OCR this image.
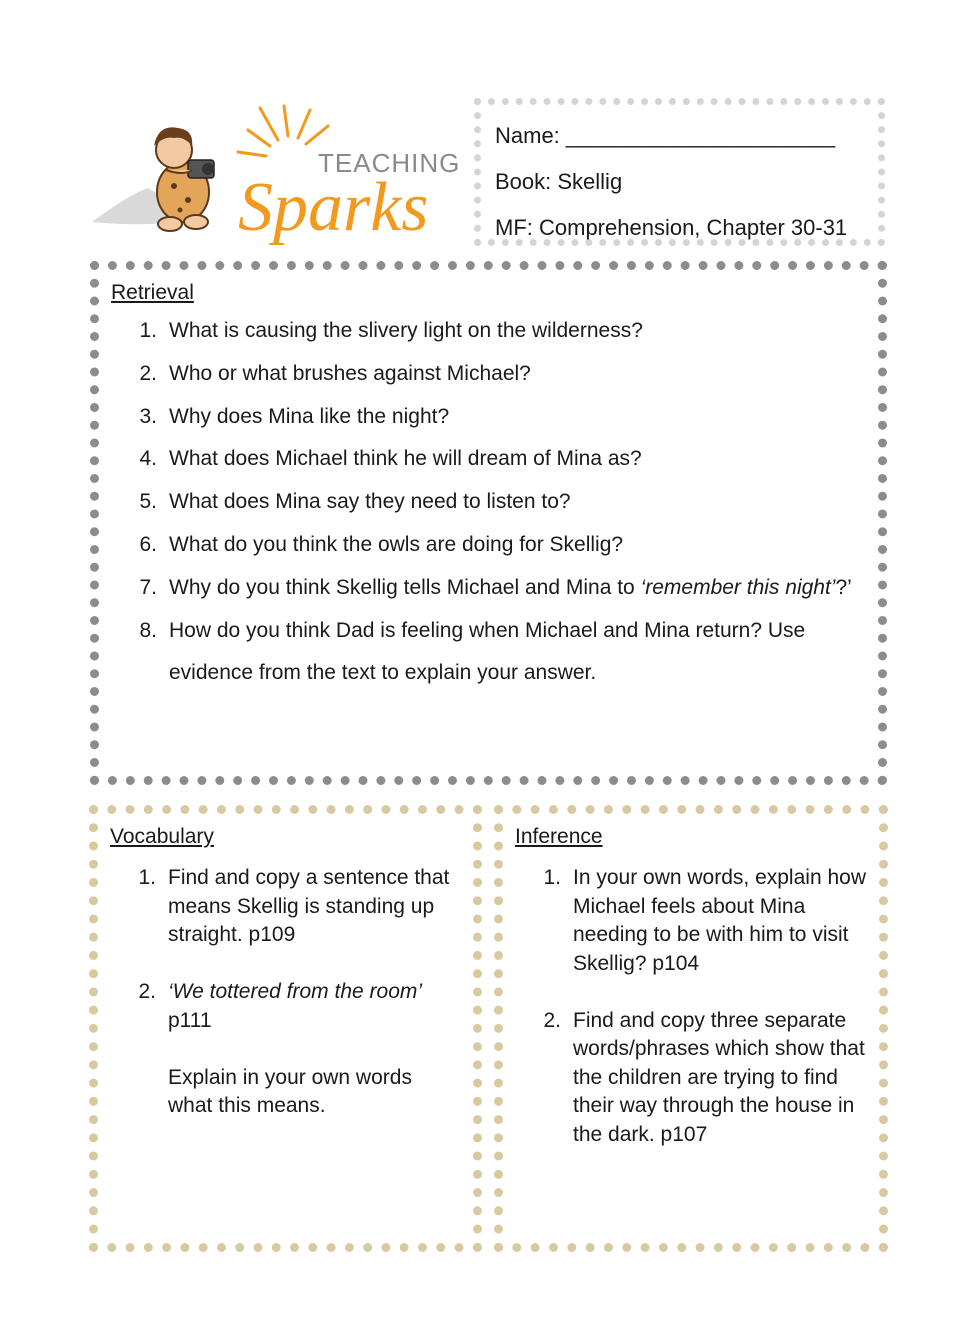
TEACHING
Sparks
Name: ______________________
Book: Skellig
MF: Comprehension, Chapter 30-31
Retrieval
1. What is causing the slivery light on the wilderness?
2. Who or what brushes against Michael?
3. Why does Mina like the night?
4. What does Michael think he will dream of Mina as?
5. What does Mina say they need to listen to?
6. What do you think the owls are doing for Skellig?
7. Why do you think Skellig tells Michael and Mina to ‘remember this night’?’
8. How do you think Dad is feeling when Michael and Mina return? Use evidence from the text to explain your answer.
Vocabulary
1. Find and copy a sentence that means Skellig is standing up straight. p109
2. ‘We tottered from the room’
p111
Explain in your own words what this means.
Inference
1. In your own words, explain how Michael feels about Mina needing to be with him to visit Skellig? p104
2. Find and copy three separate words/phrases which show that the children are trying to find their way through the house in the dark. p107
